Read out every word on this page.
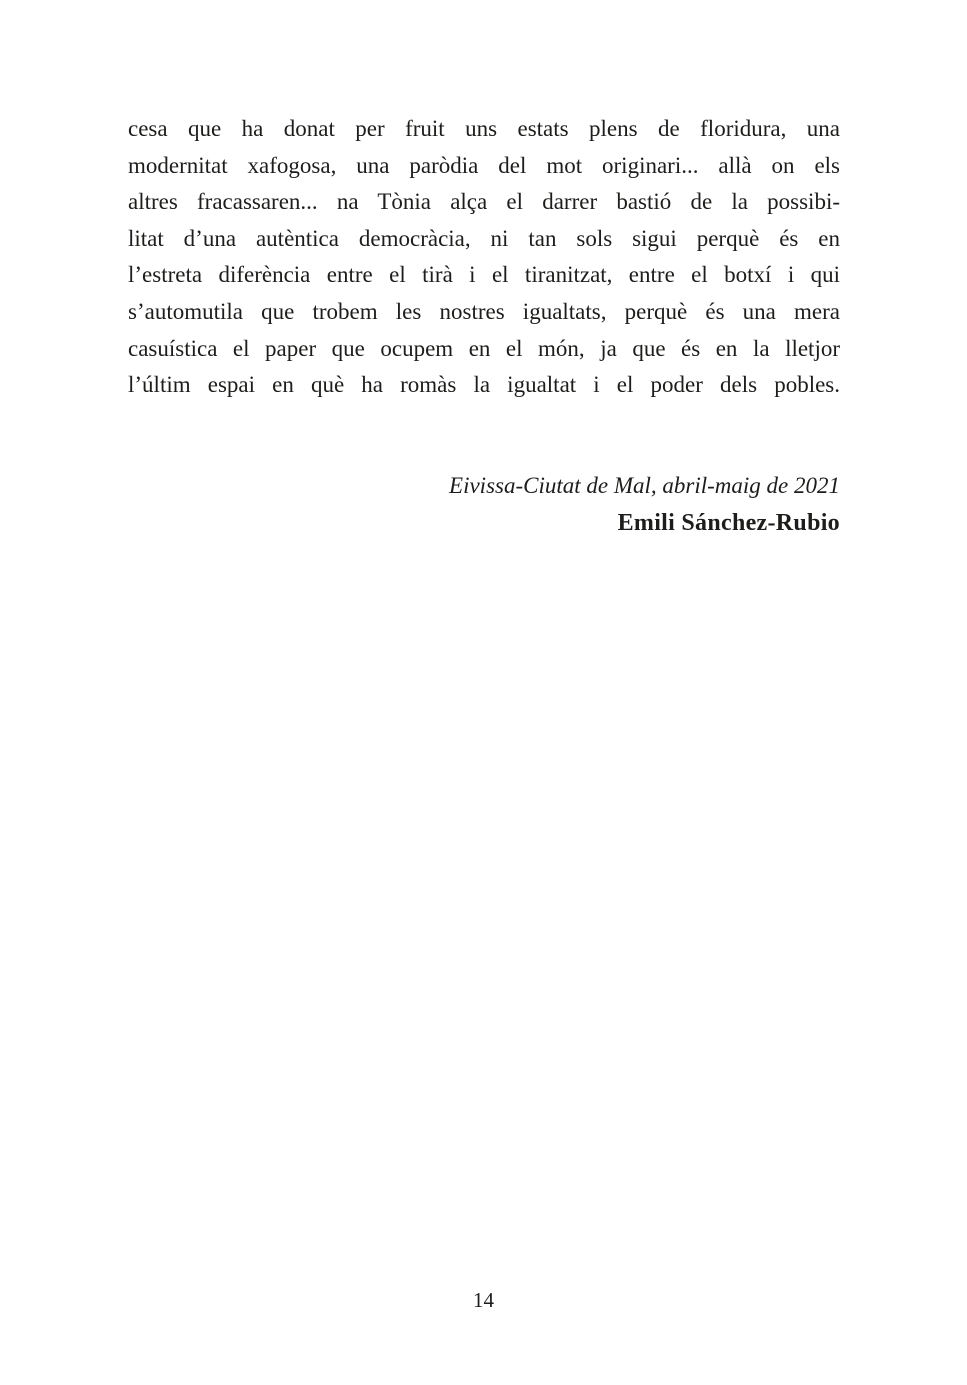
cesa que ha donat per fruit uns estats plens de floridura, una
modernitat xafogosa, una paròdia del mot originari... allà on els
altres fracassaren... na Tònia alça el darrer bastió de la possibi-
litat d’una autèntica democràcia, ni tan sols sigui perquè és en
l’estreta diferència entre el tirà i el tiranitzat, entre el botxí i qui
s’automutila que trobem les nostres igualtats, perquè és una mera
casuística el paper que ocupem en el món, ja que és en la lletjor
l’últim espai en què ha romàs la igualtat i el poder dels pobles.
Eivissa-Ciutat de Mal, abril-maig de 2021
Emili Sánchez-Rubio
14
